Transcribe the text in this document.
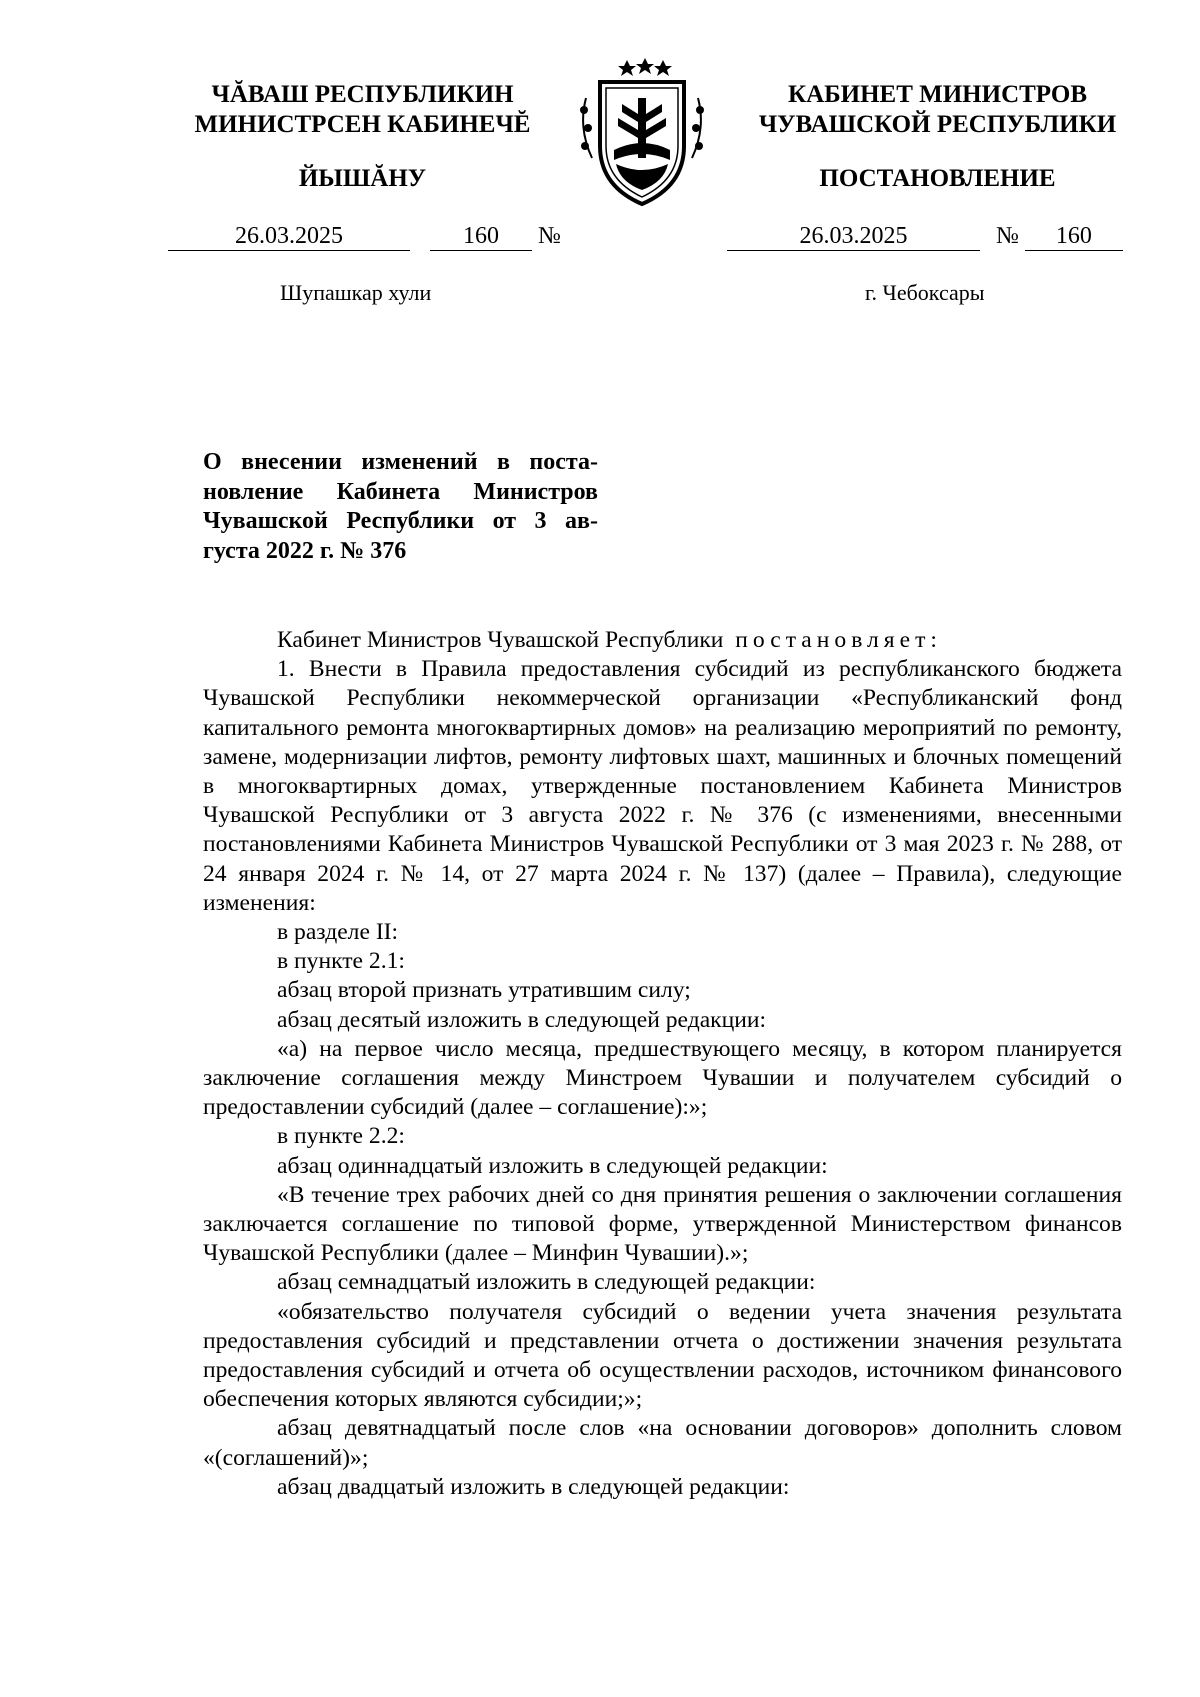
ЧĂВАШ РЕСПУБЛИКИН
МИНИСТРСЕН КАБИНЕЧĔ
ЙЫШĂНУ
КАБИНЕТ МИНИСТРОВ
ЧУВАШСКОЙ РЕСПУБЛИКИ
ПОСТАНОВЛЕНИЕ
26.03.2025	160 №	26.03.2025	№ 160
Шупашкар хули	г. Чебоксары
О внесении изменений в поста-
новление Кабинета Министров
Чувашской Республики от 3 ав-
густа 2022 г. № 376

Кабинет Министров Чувашской Республики постановляет:

1. Внести в Правила предоставления субсидий из республиканского бюджета Чувашской Республики некоммерческой организации «Республиканский фонд капитального ремонта многоквартирных домов» на реализацию мероприятий по ремонту, замене, модернизации лифтов, ремонту лифтовых шахт, машинных и блочных помещений в многоквартирных домах, утвержденные постановлением Кабинета Министров Чувашской Республики от 3 августа 2022 г. № 376 (с изменениями, внесенными постановлениями Кабинета Министров Чувашской Республики от 3 мая 2023 г. № 288, от 24 января 2024 г. № 14, от 27 марта 2024 г. № 137) (далее – Правила), следующие изменения:

в разделе II:

в пункте 2.1:

абзац второй признать утратившим силу;

абзац десятый изложить в следующей редакции:

«а) на первое число месяца, предшествующего месяцу, в котором планируется заключение соглашения между Минстроем Чувашии и получателем субсидий о предоставлении субсидий (далее – соглашение):»;

в пункте 2.2:

абзац одиннадцатый изложить в следующей редакции:

«В течение трех рабочих дней со дня принятия решения о заключении соглашения заключается соглашение по типовой форме, утвержденной Министерством финансов Чувашской Республики (далее – Минфин Чувашии).»;

абзац семнадцатый изложить в следующей редакции:

«обязательство получателя субсидий о ведении учета значения результата предоставления субсидий и представлении отчета о достижении значения результата предоставления субсидий и отчета об осуществлении расходов, источником финансового обеспечения которых являются субсидии;»;

абзац девятнадцатый после слов «на основании договоров» дополнить словом «(соглашений)»;

абзац двадцатый изложить в следующей редакции:
